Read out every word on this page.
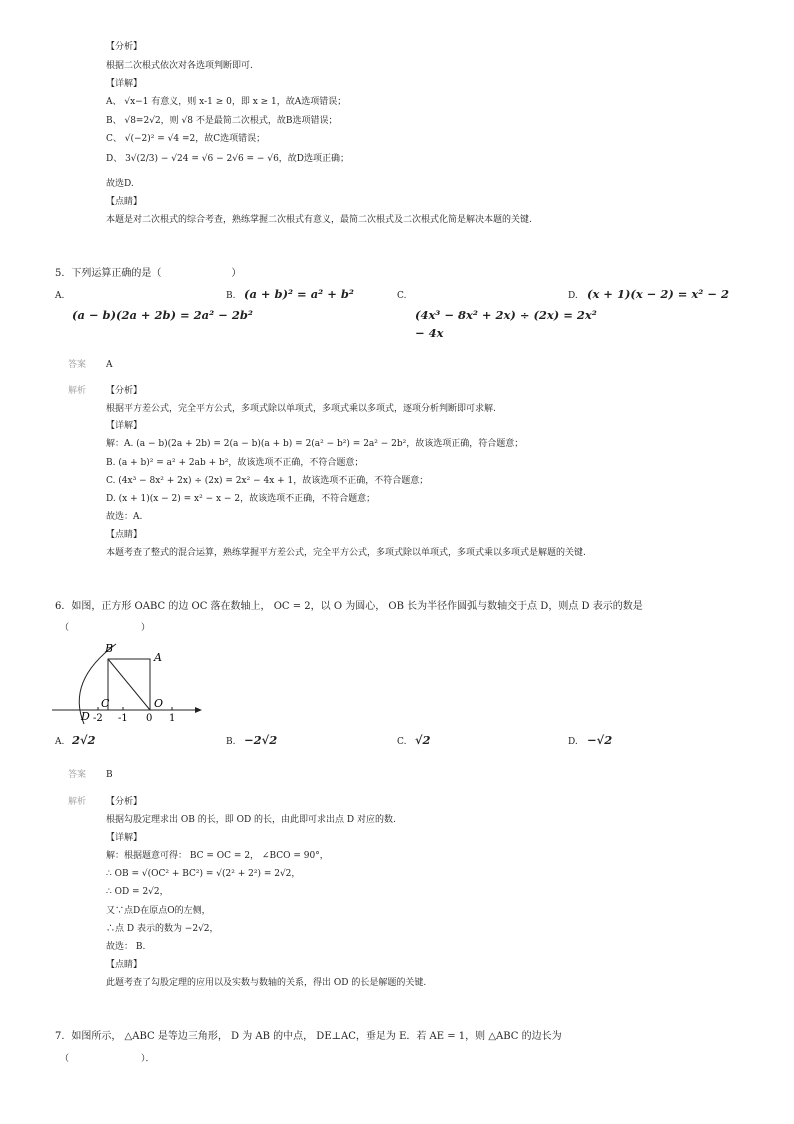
【分析】
根据二次根式依次对各选项判断即可.
【详解】
A、 √x−1 有意义，则 x-1 ≥ 0，即 x ≥ 1，故A选项错误；
B、 √8=2√2，则 √8 不是最简二次根式，故B选项错误；
C、 √(−2)² = √4 =2，故C选项错误；
D、 3√(2/3) − √24 = √6 − 2√6 = − √6，故D选项正确；
故选D.
【点睛】
本题是对二次根式的综合考查，熟练掌握二次根式有意义，最简二次根式及二次根式化简是解决本题的关键.
5．下列运算正确的是（　　　　　　　）
A.
(a − b)(2a + 2b) = 2a² − 2b²
B. (a + b)² = a² + b²	C.
(4x³ − 8x² + 2x) ÷ (2x) = 2x²
− 4x
D. (x + 1)(x − 2) = x² − 2
答案 A
解析 【分析】
根据平方差公式，完全平方公式，多项式除以单项式，多项式乘以多项式，逐项分析判断即可求解.
【详解】
解：A. (a − b)(2a + 2b) = 2(a − b)(a + b) = 2(a² − b²) = 2a² − 2b²，故该选项正确，符合题意；
B. (a + b)² = a² + 2ab + b²，故该选项不正确，不符合题意；
C. (4x³ − 8x² + 2x) ÷ (2x) = 2x² − 4x + 1，故该选项不正确，不符合题意；
D. (x + 1)(x − 2) = x² − x − 2，故该选项不正确，不符合题意；
故选：A.
【点睛】
本题考查了整式的混合运算，熟练掌握平方差公式，完全平方公式，多项式除以单项式，多项式乘以多项式是解题的关键.
6．如图，正方形 OABC 的边 OC 落在数轴上， OC = 2，以 O 为圆心， OB 长为半径作圆弧与数轴交于点 D，则点 D 表示的数是
（　　　　　　　　）
B
A
C	O
D -2 -1 0 1
A. 2√2	B. −2√2	C. √2	D. −√2
答案 B
解析 【分析】
根据勾股定理求出 OB 的长，即 OD 的长，由此即可求出点 D 对应的数.
【详解】
解：根据题意可得： BC = OC = 2， ∠BCO = 90°，
∴ OB = √(OC² + BC²) = √(2² + 2²) = 2√2，
∴ OD = 2√2，
又∵点D在原点O的左侧，
∴点 D 表示的数为 −2√2，
故选： B.
【点睛】
此题考查了勾股定理的应用以及实数与数轴的关系，得出 OD 的长是解题的关键.
7．如图所示， △ABC 是等边三角形， D 为 AB 的中点， DE⊥AC，垂足为 E．若 AE = 1，则 △ABC 的边长为
（　　　　　　　　）．
